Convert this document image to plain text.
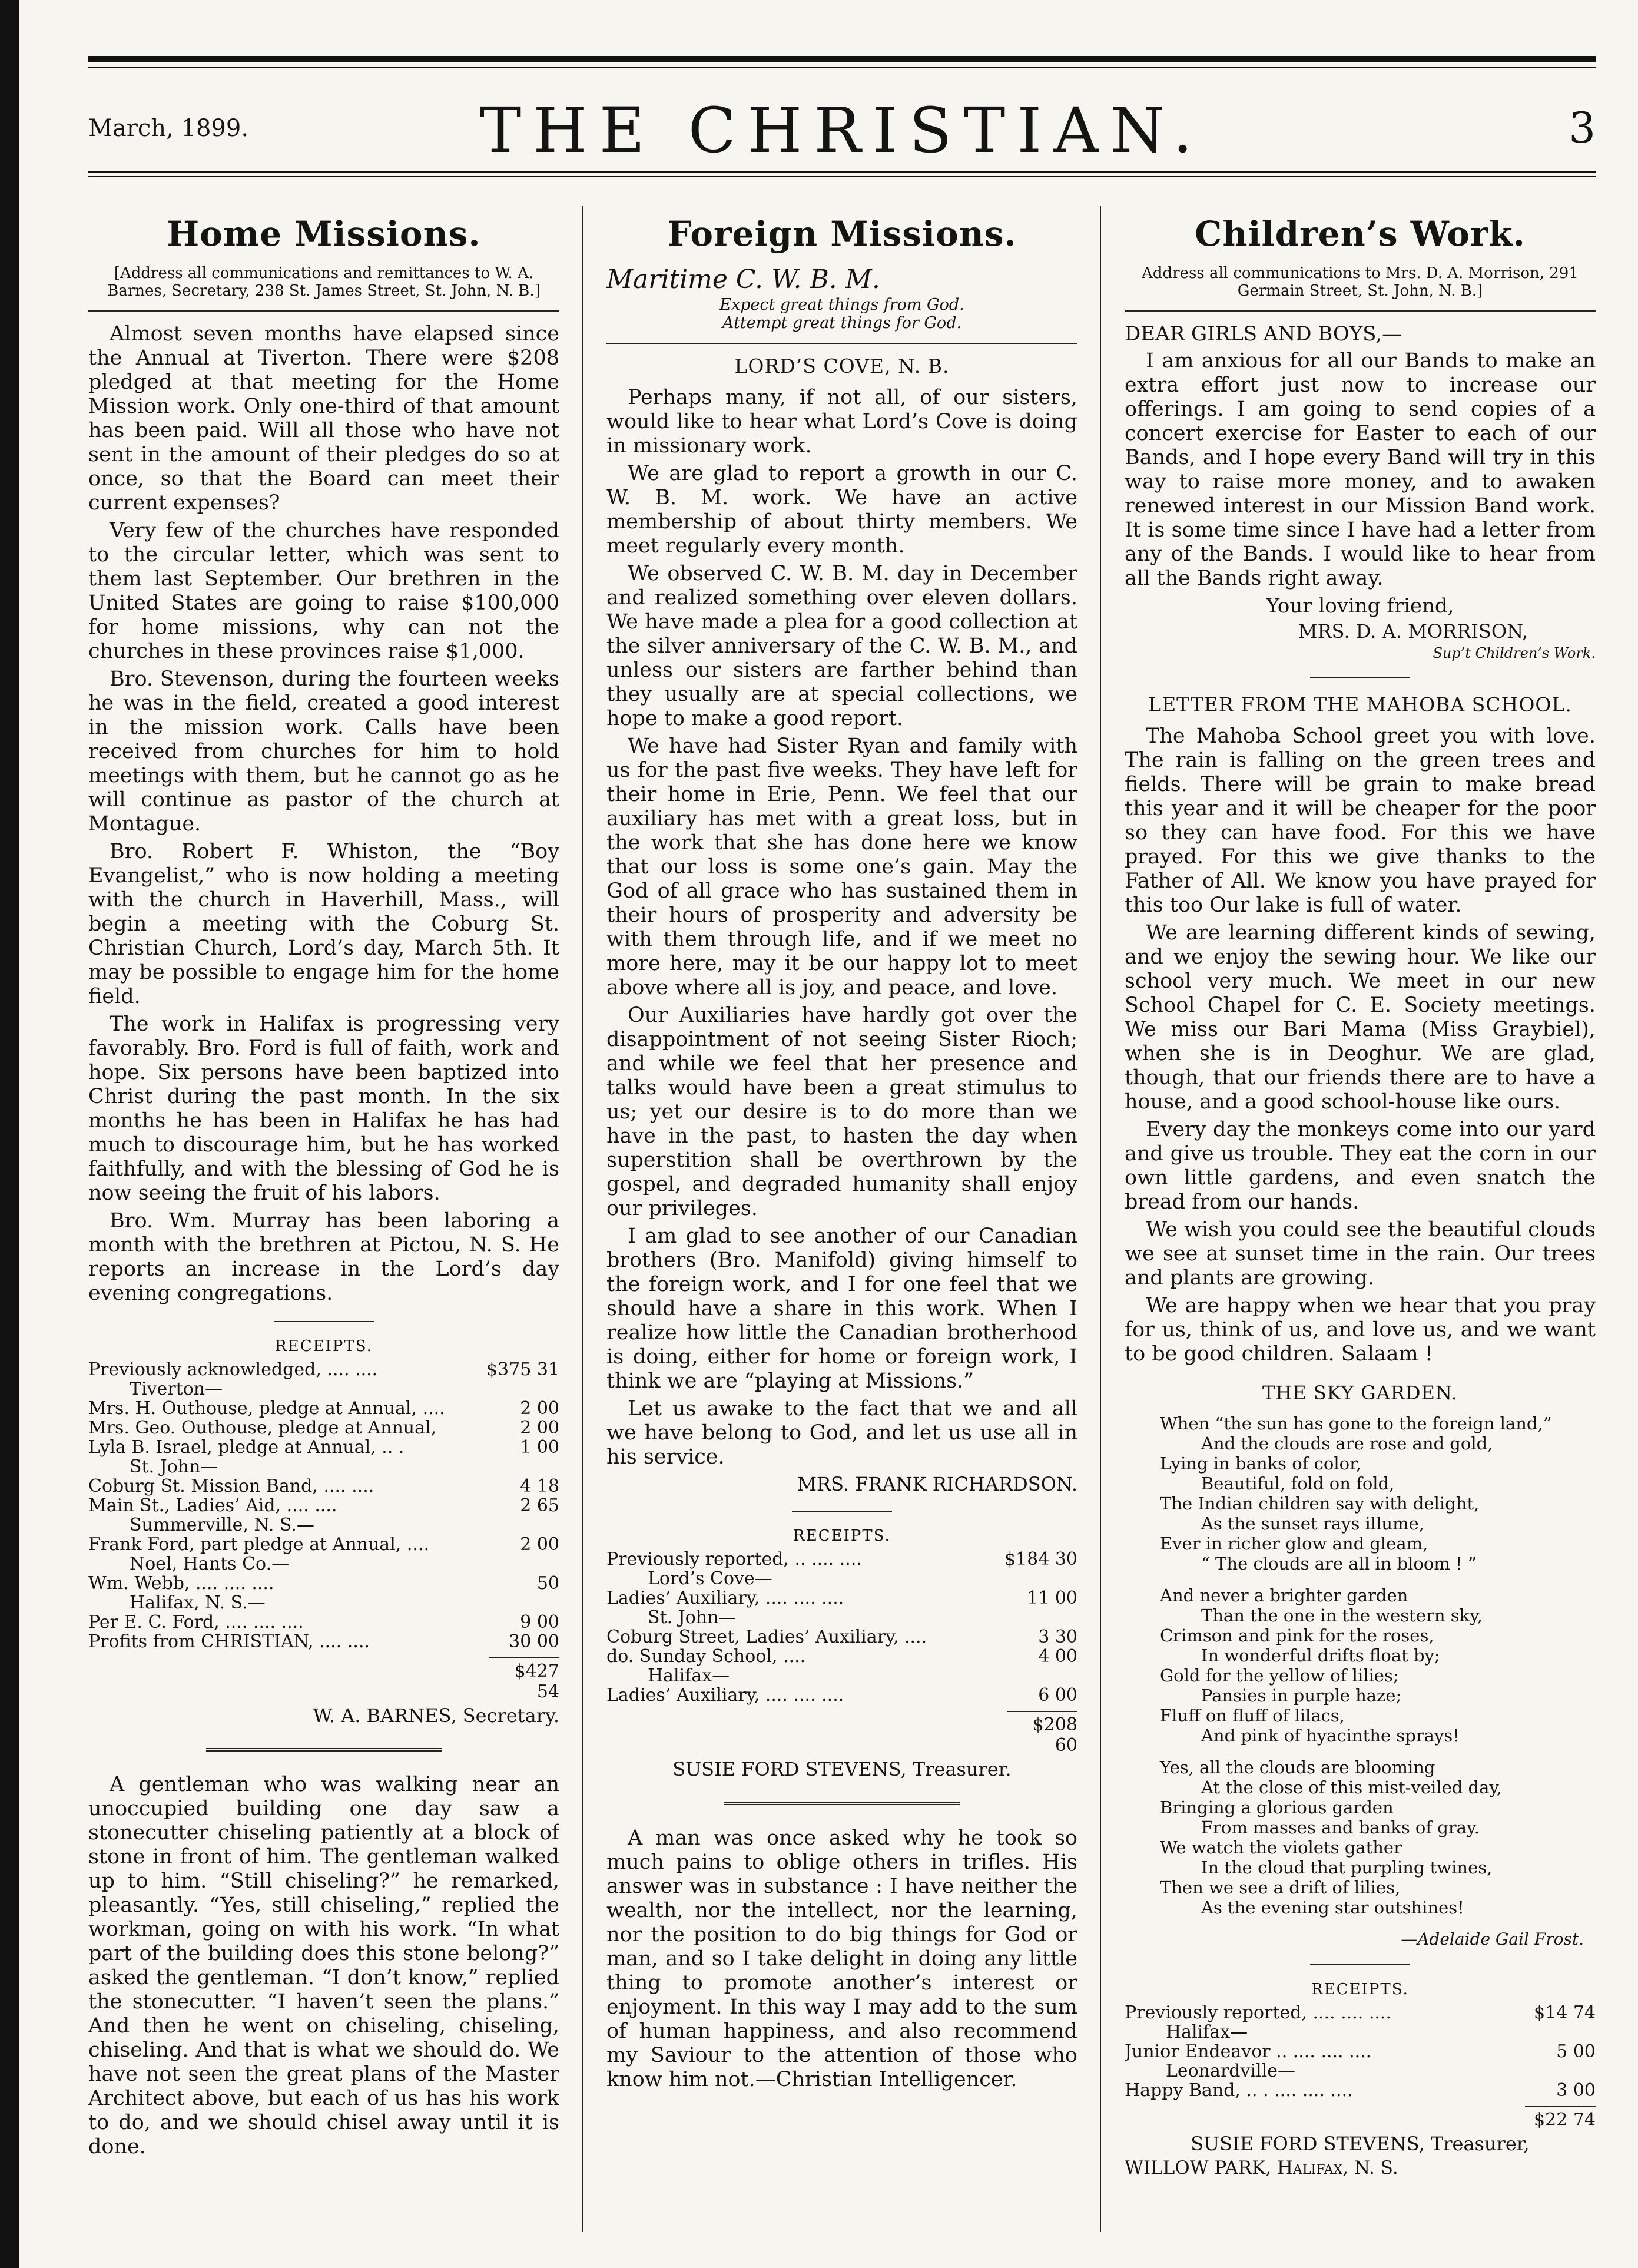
March, 1899.	THE CHRISTIAN.	3
Home Missions.
[Address all communications and remittances to W. A. Barnes, Secretary, 238 St. James Street, St. John, N. B.]

Almost seven months have elapsed since the Annual at Tiverton. There were $208 pledged at that meeting for the Home Mission work. Only one-third of that amount has been paid. Will all those who have not sent in the amount of their pledges do so at once, so that the Board can meet their current expenses?

Very few of the churches have responded to the circular letter, which was sent to them last September. Our brethren in the United States are going to raise $100,000 for home missions, why can not the churches in these provinces raise $1,000.

Bro. Stevenson, during the fourteen weeks he was in the field, created a good interest in the mission work. Calls have been received from churches for him to hold meetings with them, but he cannot go as he will continue as pastor of the church at Montague.

Bro. Robert F. Whiston, the “Boy Evangelist,” who is now holding a meeting with the church in Haverhill, Mass., will begin a meeting with the Coburg St. Christian Church, Lord’s day, March 5th. It may be possible to engage him for the home field.

The work in Halifax is progressing very favorably. Bro. Ford is full of faith, work and hope. Six persons have been baptized into Christ during the past month. In the six months he has been in Halifax he has had much to discourage him, but he has worked faithfully, and with the blessing of God he is now seeing the fruit of his labors.

Bro. Wm. Murray has been laboring a month with the brethren at Pictou, N. S. He reports an increase in the Lord’s day evening congregations.

RECEIPTS.
Previously acknowledged, .... ....	$375 31
Tiverton—
Mrs. H. Outhouse, pledge at Annual, ....	2 00
Mrs. Geo. Outhouse, pledge at Annual,	2 00
Lyla B. Israel, pledge at Annual, .. .	1 00
St. John—
Coburg St. Mission Band, .... ....	4 18
Main St., Ladies’ Aid, .... ....	2 65
Summerville, N. S.—
Frank Ford, part pledge at Annual, ....	2 00
Noel, Hants Co.—
Wm. Webb, .... .... ....	50
Halifax, N. S.—
Per E. C. Ford, .... .... ....	9 00
Profits from CHRISTIAN, .... ....	30 00
$427 54
W. A. BARNES, Secretary.

A gentleman who was walking near an unoccupied building one day saw a stonecutter chiseling patiently at a block of stone in front of him. The gentleman walked up to him. “Still chiseling?” he remarked, pleasantly. “Yes, still chiseling,” replied the workman, going on with his work. “In what part of the building does this stone belong?” asked the gentleman. “I don’t know,” replied the stonecutter. “I haven’t seen the plans.” And then he went on chiseling, chiseling, chiseling. And that is what we should do. We have not seen the great plans of the Master Architect above, but each of us has his work to do, and we should chisel away until it is done.

Foreign Missions.
Maritime C. W. B. M.
Expect great things from God.
Attempt great things for God.
LORD’S COVE, N. B.

Perhaps many, if not all, of our sisters, would like to hear what Lord’s Cove is doing in missionary work.

We are glad to report a growth in our C. W. B. M. work. We have an active membership of about thirty members. We meet regularly every month.

We observed C. W. B. M. day in December and realized something over eleven dollars. We have made a plea for a good collection at the silver anniversary of the C. W. B. M., and unless our sisters are farther behind than they usually are at special collections, we hope to make a good report.

We have had Sister Ryan and family with us for the past five weeks. They have left for their home in Erie, Penn. We feel that our auxiliary has met with a great loss, but in the work that she has done here we know that our loss is some one’s gain. May the God of all grace who has sustained them in their hours of prosperity and adversity be with them through life, and if we meet no more here, may it be our happy lot to meet above where all is joy, and peace, and love.

Our Auxiliaries have hardly got over the disappointment of not seeing Sister Rioch; and while we feel that her presence and talks would have been a great stimulus to us; yet our desire is to do more than we have in the past, to hasten the day when superstition shall be overthrown by the gospel, and degraded humanity shall enjoy our privileges.

I am glad to see another of our Canadian brothers (Bro. Manifold) giving himself to the foreign work, and I for one feel that we should have a share in this work. When I realize how little the Canadian brotherhood is doing, either for home or foreign work, I think we are “playing at Missions.”

Let us awake to the fact that we and all we have belong to God, and let us use all in his service.

MRS. FRANK RICHARDSON.
RECEIPTS.
Previously reported, .. .... ....	$184 30
Lord’s Cove—
Ladies’ Auxiliary, .... .... ....	11 00
St. John—
Coburg Street, Ladies’ Auxiliary, ....	3 30
do. Sunday School, ....	4 00
Halifax—
Ladies’ Auxiliary, .... .... ....	6 00
$208 60
SUSIE FORD STEVENS, Treasurer.

A man was once asked why he took so much pains to oblige others in trifles. His answer was in substance : I have neither the wealth, nor the intellect, nor the learning, nor the position to do big things for God or man, and so I take delight in doing any little thing to promote another’s interest or enjoyment. In this way I may add to the sum of human happiness, and also recommend my Saviour to the attention of those who know him not.—Christian Intelligencer.

Children’s Work.
Address all communications to Mrs. D. A. Morrison, 291 Germain Street, St. John, N. B.]
DEAR GIRLS AND BOYS,—

I am anxious for all our Bands to make an extra effort just now to increase our offerings. I am going to send copies of a concert exercise for Easter to each of our Bands, and I hope every Band will try in this way to raise more money, and to awaken renewed interest in our Mission Band work. It is some time since I have had a letter from any of the Bands. I would like to hear from all the Bands right away.

Your loving friend,
MRS. D. A. MORRISON,
Sup’t Children’s Work.
LETTER FROM THE MAHOBA SCHOOL.

The Mahoba School greet you with love. The rain is falling on the green trees and fields. There will be grain to make bread this year and it will be cheaper for the poor so they can have food. For this we have prayed. For this we give thanks to the Father of All. We know you have prayed for this too Our lake is full of water.

We are learning different kinds of sewing, and we enjoy the sewing hour. We like our school very much. We meet in our new School Chapel for C. E. Society meetings. We miss our Bari Mama (Miss Graybiel), when she is in Deoghur. We are glad, though, that our friends there are to have a house, and a good school-house like ours.

Every day the monkeys come into our yard and give us trouble. They eat the corn in our own little gardens, and even snatch the bread from our hands.

We wish you could see the beautiful clouds we see at sunset time in the rain. Our trees and plants are growing.

We are happy when we hear that you pray for us, think of us, and love us, and we want to be good children. Salaam !

THE SKY GARDEN.
When “the sun has gone to the foreign land,”
And the clouds are rose and gold,
Lying in banks of color,
Beautiful, fold on fold,
The Indian children say with delight,
As the sunset rays illume,
Ever in richer glow and gleam,
“ The clouds are all in bloom ! ”
And never a brighter garden
Than the one in the western sky,
Crimson and pink for the roses,
In wonderful drifts float by;
Gold for the yellow of lilies;
Pansies in purple haze;
Fluff on fluff of lilacs,
And pink of hyacinthe sprays!
Yes, all the clouds are blooming
At the close of this mist-veiled day,
Bringing a glorious garden
From masses and banks of gray.
We watch the violets gather
In the cloud that purpling twines,
Then we see a drift of lilies,
As the evening star outshines!
—Adelaide Gail Frost.
RECEIPTS.
Previously reported, .... .... ....	$14 74
Halifax—
Junior Endeavor .. .... .... ....	5 00
Leonardville—
Happy Band, .. . .... .... ....	3 00
$22 74
SUSIE FORD STEVENS, Treasurer,
WILLOW PARK, Halifax, N. S.
